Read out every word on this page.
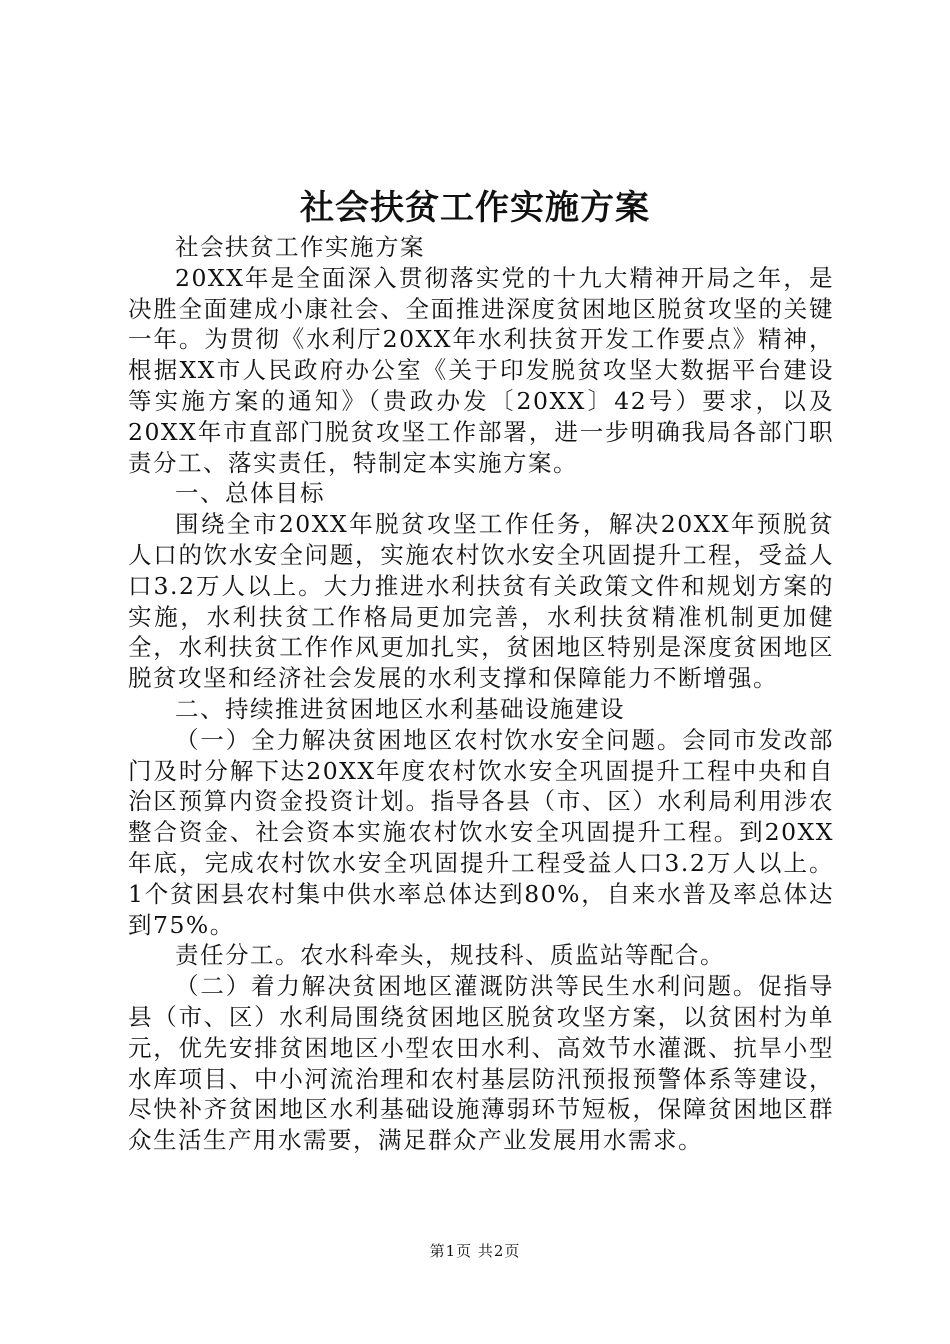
社会扶贫工作实施方案

社会扶贫工作实施方案

20XX年是全面深入贯彻落实党的十九大精神开局之年，是决胜全面建成小康社会、全面推进深度贫困地区脱贫攻坚的关键一年。为贯彻《水利厅20XX年水利扶贫开发工作要点》精神，根据XX市人民政府办公室《关于印发脱贫攻坚大数据平台建设等实施方案的通知》（贵政办发〔20XX〕42号）要求，以及20XX年市直部门脱贫攻坚工作部署，进一步明确我局各部门职责分工、落实责任，特制定本实施方案。

一、总体目标

围绕全市20XX年脱贫攻坚工作任务，解决20XX年预脱贫人口的饮水安全问题，实施农村饮水安全巩固提升工程，受益人口3.2万人以上。大力推进水利扶贫有关政策文件和规划方案的实施，水利扶贫工作格局更加完善，水利扶贫精准机制更加健全，水利扶贫工作作风更加扎实，贫困地区特别是深度贫困地区脱贫攻坚和经济社会发展的水利支撑和保障能力不断增强。

二、持续推进贫困地区水利基础设施建设

（一）全力解决贫困地区农村饮水安全问题。会同市发改部门及时分解下达20XX年度农村饮水安全巩固提升工程中央和自治区预算内资金投资计划。指导各县（市、区）水利局利用涉农整合资金、社会资本实施农村饮水安全巩固提升工程。到20XX年底，完成农村饮水安全巩固提升工程受益人口3.2万人以上。1个贫困县农村集中供水率总体达到80%，自来水普及率总体达到75%。

责任分工。农水科牵头，规技科、质监站等配合。

（二）着力解决贫困地区灌溉防洪等民生水利问题。促指导县（市、区）水利局围绕贫困地区脱贫攻坚方案，以贫困村为单元，优先安排贫困地区小型农田水利、高效节水灌溉、抗旱小型水库项目、中小河流治理和农村基层防汛预报预警体系等建设，尽快补齐贫困地区水利基础设施薄弱环节短板，保障贫困地区群众生活生产用水需要，满足群众产业发展用水需求。

第1页 共2页
